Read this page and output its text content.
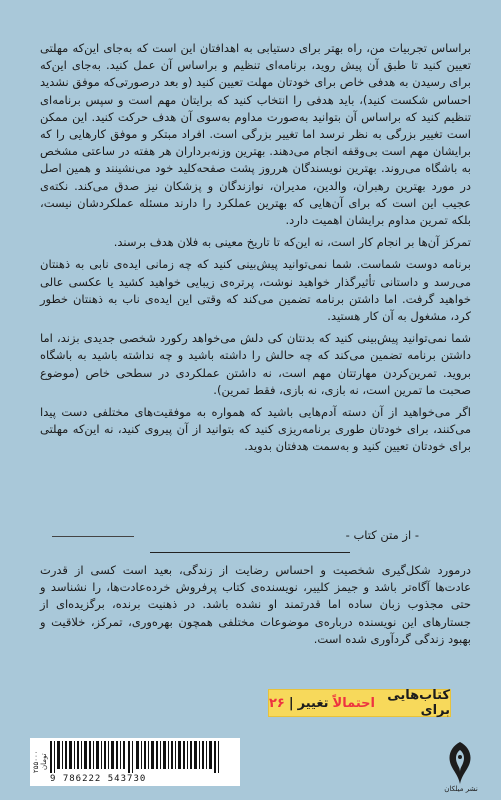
براساس تجربیات من، راه بهتر برای دستیابی به اهدافتان این است که به‌جای این‌که مهلتی تعیین کنید تا طبق آن پیش روید، برنامه‌ای تنظیم و براساس آن عمل کنید. به‌جای این‌که برای رسیدن به هدفی خاص برای خودتان مهلت تعیین کنید (و بعد درصورتی‌که موفق نشدید احساس شکست کنید)، باید هدفی را انتخاب کنید که برایتان مهم است و سپس برنامه‌ای تنظیم کنید که براساس آن بتوانید به‌صورت مداوم به‌سوی آن هدف حرکت کنید. این ممکن است تغییر بزرگی به نظر نرسد اما تغییر بزرگی است. افراد مبتکر و موفق کارهایی را که برایشان مهم است بی‌وقفه انجام می‌دهند. بهترین وزنه‌برداران هر هفته در ساعتی مشخص به باشگاه می‌روند. بهترین نویسندگان هرروز پشت صفحه‌کلید خود می‌نشینند و همین اصل در مورد بهترین رهبران، والدین، مدیران، نوازندگان و پزشکان نیز صدق می‌کند. نکته‌ی عجیب این است که برای آن‌هایی که بهترین عملکرد را دارند مسئله عملکردشان نیست، بلکه تمرین مداوم برایشان اهمیت دارد.

تمرکز آن‌ها بر انجام کار است، نه این‌که تا تاریخ معینی به فلان هدف برسند.

برنامه دوست شماست. شما نمی‌توانید پیش‌بینی کنید که چه زمانی ایده‌ی نابی به ذهنتان می‌رسد و داستانی تأثیرگذار خواهید نوشت، پرتره‌ی زیبایی خواهید کشید یا عکسی عالی خواهید گرفت. اما داشتن برنامه تضمین می‌کند که وقتی این ایده‌ی ناب به ذهنتان خطور کرد، مشغول به آن کار هستید.

شما نمی‌توانید پیش‌بینی کنید که بدنتان کی دلش می‌خواهد رکورد شخصی جدیدی بزند، اما داشتن برنامه تضمین می‌کند که چه حالش را داشته باشید و چه نداشته باشید به باشگاه بروید. تمرین‌کردن مهارتتان مهم است، نه داشتن عملکردی در سطحی خاص (موضوع صحبت ما تمرین است، نه بازی، نه بازی، فقط تمرین).

اگر می‌خواهید از آن دسته آدم‌هایی باشید که همواره به موفقیت‌های مختلفی دست پیدا می‌کنند، برای خودتان طوری برنامه‌ریزی کنید که بتوانید از آن پیروی کنید، نه این‌که مهلتی برای خودتان تعیین کنید و به‌سمت هدفتان بدوید.

- از متن کتاب -
درمورد شکل‌گیری شخصیت و احساس رضایت از زندگی، بعید است کسی از قدرت عادت‌ها آگاه‌تر باشد و جیمز کلییر، نویسنده‌ی کتاب پرفروش خرده‌عادت‌ها، را نشناسد و حتی مجذوب زبان ساده اما قدرتمند او نشده باشد. در ذهنیت برنده، برگزیده‌ای از جستارهای این نویسنده درباره‌ی موضوعات مختلفی همچون بهره‌وری، تمرکز، خلاقیت و بهبود زندگی گردآوری شده است.
کتاب‌هایی برای
احتمالاً
تغییر
|
۲۶
۲۵۵۰۰۰ تومان
9 786222 543730
نشر میلکان
